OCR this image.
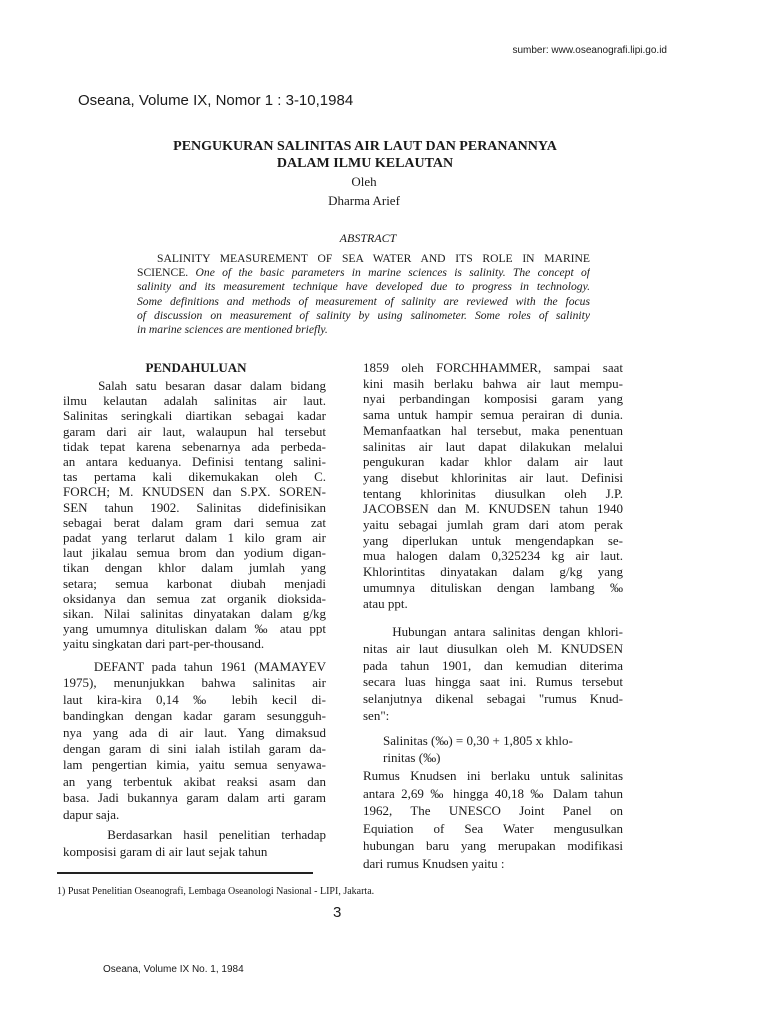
sumber: www.oseanografi.lipi.go.id
Oseana, Volume IX, Nomor 1 : 3-10,1984
PENGUKURAN SALINITAS AIR LAUT DAN PERANANNYA
DALAM ILMU KELAUTAN
Oleh
Dharma Arief
ABSTRACT
SALINITY MEASUREMENT OF SEA WATER AND ITS ROLE IN MARINE
SCIENCE. One of the basic parameters in marine sciences is salinity. The concept of
salinity and its measurement technique have developed due to progress in technology.
Some definitions and methods of measurement of salinity are reviewed with the focus
of discussion on measurement of salinity by using salinometer. Some roles of salinity
in marine sciences are mentioned briefly.
PENDAHULUAN
Salah satu besaran dasar dalam bidang
ilmu kelautan adalah salinitas air laut.
Salinitas seringkali diartikan sebagai kadar
garam dari air laut, walaupun hal tersebut
tidak tepat karena sebenarnya ada perbeda-
an antara keduanya. Definisi tentang salini-
tas pertama kali dikemukakan oleh C.
FORCH; M. KNUDSEN dan S.PX. SOREN-
SEN tahun 1902. Salinitas didefinisikan
sebagai berat dalam gram dari semua zat
padat yang terlarut dalam 1 kilo gram air
laut jikalau semua brom dan yodium digan-
tikan dengan khlor dalam jumlah yang
setara; semua karbonat diubah menjadi
oksidanya dan semua zat organik dioksida-
sikan. Nilai salinitas dinyatakan dalam g/kg
yang umumnya dituliskan dalam ‰ atau ppt
yaitu singkatan dari part-per-thousand.
DEFANT pada tahun 1961 (MAMAYEV
1975), menunjukkan bahwa salinitas air
laut kira-kira 0,14 ‰ lebih kecil di-
bandingkan dengan kadar garam sesungguh-
nya yang ada di air laut. Yang dimaksud
dengan garam di sini ialah istilah garam da-
lam pengertian kimia, yaitu semua senyawa-
an yang terbentuk akibat reaksi asam dan
basa. Jadi bukannya garam dalam arti garam
dapur saja.
Berdasarkan hasil penelitian terhadap
komposisi garam di air laut sejak tahun
1859 oleh FORCHHAMMER, sampai saat
kini masih berlaku bahwa air laut mempu-
nyai perbandingan komposisi garam yang
sama untuk hampir semua perairan di dunia.
Memanfaatkan hal tersebut, maka penentuan
salinitas air laut dapat dilakukan melalui
pengukuran kadar khlor dalam air laut
yang disebut khlorinitas air laut. Definisi
tentang khlorinitas diusulkan oleh J.P.
JACOBSEN dan M. KNUDSEN tahun 1940
yaitu sebagai jumlah gram dari atom perak
yang diperlukan untuk mengendapkan se-
mua halogen dalam 0,325234 kg air laut.
Khlorintitas dinyatakan dalam g/kg yang
umumnya dituliskan dengan lambang ‰
atau ppt.
Hubungan antara salinitas dengan khlori-
nitas air laut diusulkan oleh M. KNUDSEN
pada tahun 1901, dan kemudian diterima
secara luas hingga saat ini. Rumus tersebut
selanjutnya dikenal sebagai "rumus Knud-
sen":
Salinitas (‰) = 0,30 + 1,805 x khlo-
rinitas (‰)
Rumus Knudsen ini berlaku untuk salinitas
antara 2,69 ‰ hingga 40,18 ‰ Dalam tahun
1962, The UNESCO Joint Panel on
Equiation of Sea Water mengusulkan
hubungan baru yang merupakan modifikasi
dari rumus Knudsen yaitu :
1) Pusat Penelitian Oseanografi, Lembaga Oseanologi Nasional - LIPI, Jakarta.
3
Oseana, Volume IX No. 1, 1984
